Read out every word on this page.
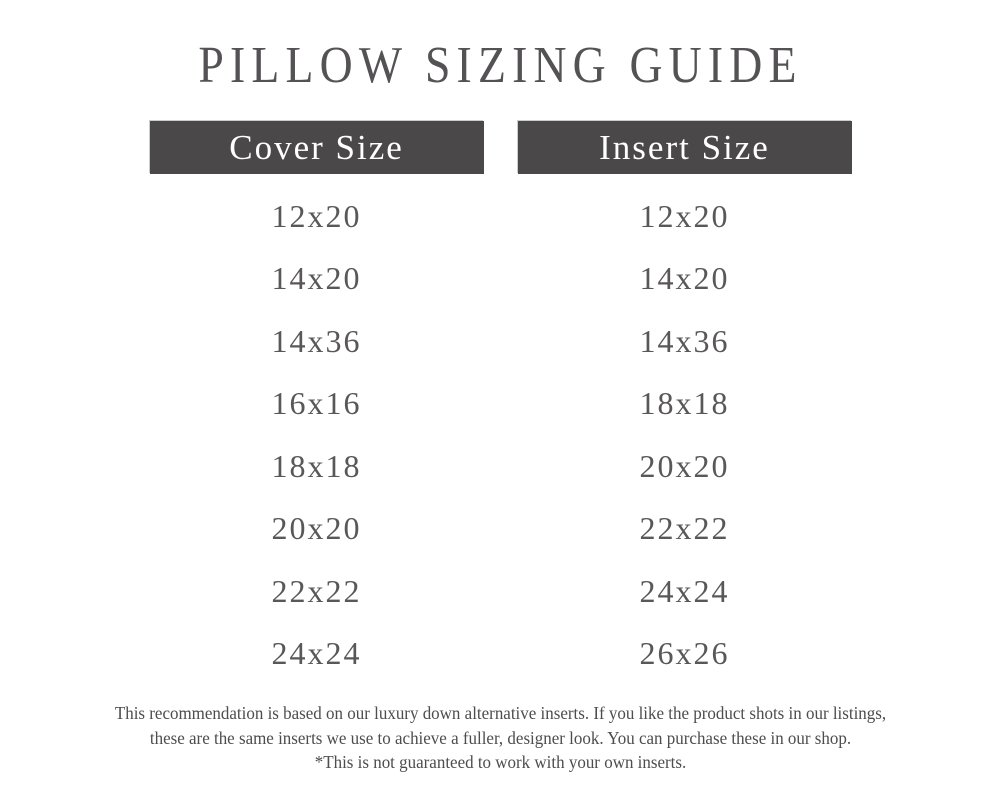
PILLOW SIZING GUIDE
Cover Size
12x20
14x20
14x36
16x16
18x18
20x20
22x22
24x24
Insert Size
12x20
14x20
14x36
18x18
20x20
22x22
24x24
26x26

This recommendation is based on our luxury down alternative inserts. If you like the product shots in our listings,

these are the same inserts we use to achieve a fuller, designer look. You can purchase these in our shop.

*This is not guaranteed to work with your own inserts.
